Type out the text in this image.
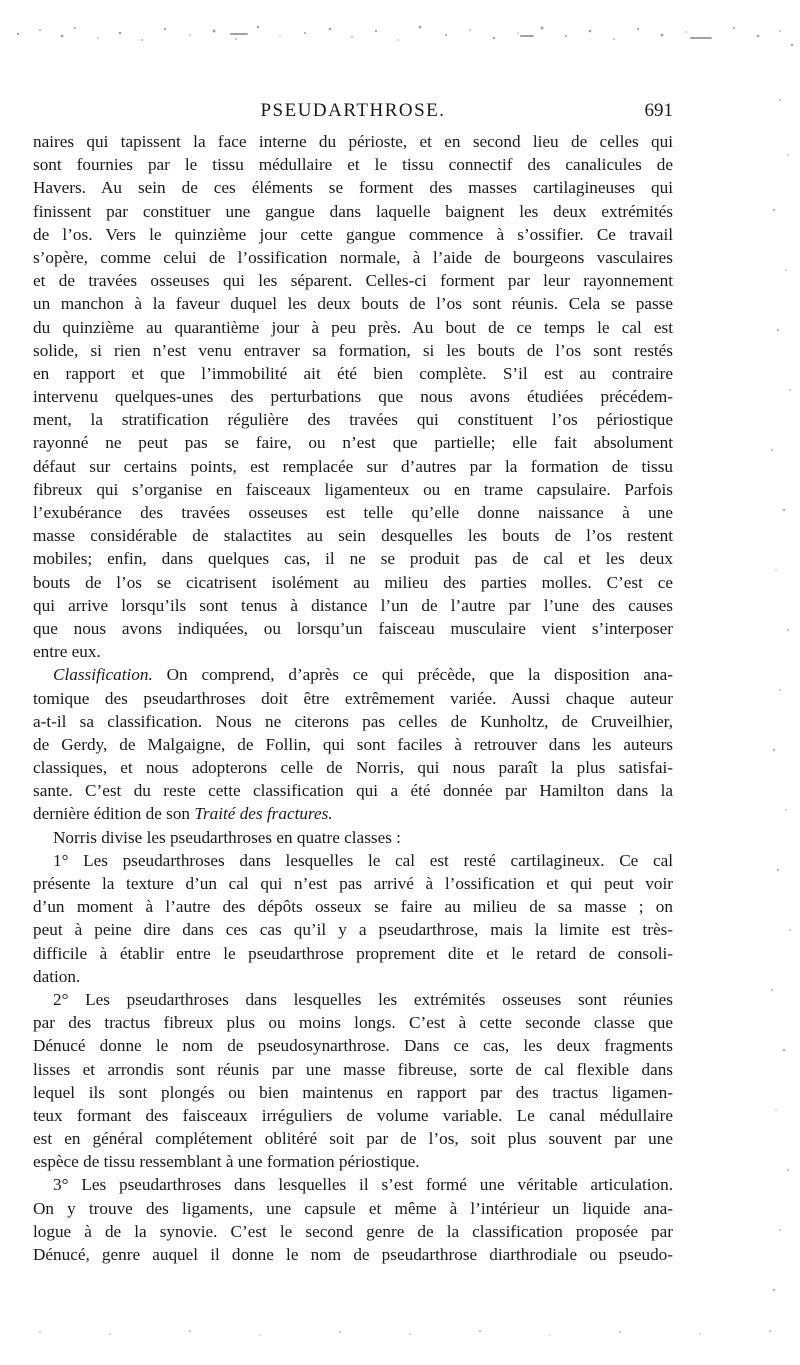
PSEUDARTHROSE.	691
naires qui tapissent la face interne du périoste, et en second lieu de celles qui
sont fournies par le tissu médullaire et le tissu connectif des canalicules de
Havers. Au sein de ces éléments se forment des masses cartilagineuses qui
finissent par constituer une gangue dans laquelle baignent les deux extrémités
de l’os. Vers le quinzième jour cette gangue commence à s’ossifier. Ce travail
s’opère, comme celui de l’ossification normale, à l’aide de bourgeons vasculaires
et de travées osseuses qui les séparent. Celles-ci forment par leur rayonnement
un manchon à la faveur duquel les deux bouts de l’os sont réunis. Cela se passe
du quinzième au quarantième jour à peu près. Au bout de ce temps le cal est
solide, si rien n’est venu entraver sa formation, si les bouts de l’os sont restés
en rapport et que l’immobilité ait été bien complète. S’il est au contraire
intervenu quelques-unes des perturbations que nous avons étudiées précédem-
ment, la stratification régulière des travées qui constituent l’os périostique
rayonné ne peut pas se faire, ou n’est que partielle; elle fait absolument
défaut sur certains points, est remplacée sur d’autres par la formation de tissu
fibreux qui s’organise en faisceaux ligamenteux ou en trame capsulaire. Parfois
l’exubérance des travées osseuses est telle qu’elle donne naissance à une
masse considérable de stalactites au sein desquelles les bouts de l’os restent
mobiles; enfin, dans quelques cas, il ne se produit pas de cal et les deux
bouts de l’os se cicatrisent isolément au milieu des parties molles. C’est ce
qui arrive lorsqu’ils sont tenus à distance l’un de l’autre par l’une des causes
que nous avons indiquées, ou lorsqu’un faisceau musculaire vient s’interposer
entre eux.
Classification. On comprend, d’après ce qui précède, que la disposition ana-
tomique des pseudarthroses doit être extrêmement variée. Aussi chaque auteur
a-t-il sa classification. Nous ne citerons pas celles de Kunholtz, de Cruveilhier,
de Gerdy, de Malgaigne, de Follin, qui sont faciles à retrouver dans les auteurs
classiques, et nous adopterons celle de Norris, qui nous paraît la plus satisfai-
sante. C’est du reste cette classification qui a été donnée par Hamilton dans la
dernière édition de son Traité des fractures.
Norris divise les pseudarthroses en quatre classes :
1° Les pseudarthroses dans lesquelles le cal est resté cartilagineux. Ce cal
présente la texture d’un cal qui n’est pas arrivé à l’ossification et qui peut voir
d’un moment à l’autre des dépôts osseux se faire au milieu de sa masse ; on
peut à peine dire dans ces cas qu’il y a pseudarthrose, mais la limite est très-
difficile à établir entre le pseudarthrose proprement dite et le retard de consoli-
dation.
2° Les pseudarthroses dans lesquelles les extrémités osseuses sont réunies
par des tractus fibreux plus ou moins longs. C’est à cette seconde classe que
Dénucé donne le nom de pseudosynarthrose. Dans ce cas, les deux fragments
lisses et arrondis sont réunis par une masse fibreuse, sorte de cal flexible dans
lequel ils sont plongés ou bien maintenus en rapport par des tractus ligamen-
teux formant des faisceaux irréguliers de volume variable. Le canal médullaire
est en général complétement oblitéré soit par de l’os, soit plus souvent par une
espèce de tissu ressemblant à une formation périostique.
3° Les pseudarthroses dans lesquelles il s’est formé une véritable articulation.
On y trouve des ligaments, une capsule et même à l’intérieur un liquide ana-
logue à de la synovie. C’est le second genre de la classification proposée par
Dénucé, genre auquel il donne le nom de pseudarthrose diarthrodiale ou pseudo-
